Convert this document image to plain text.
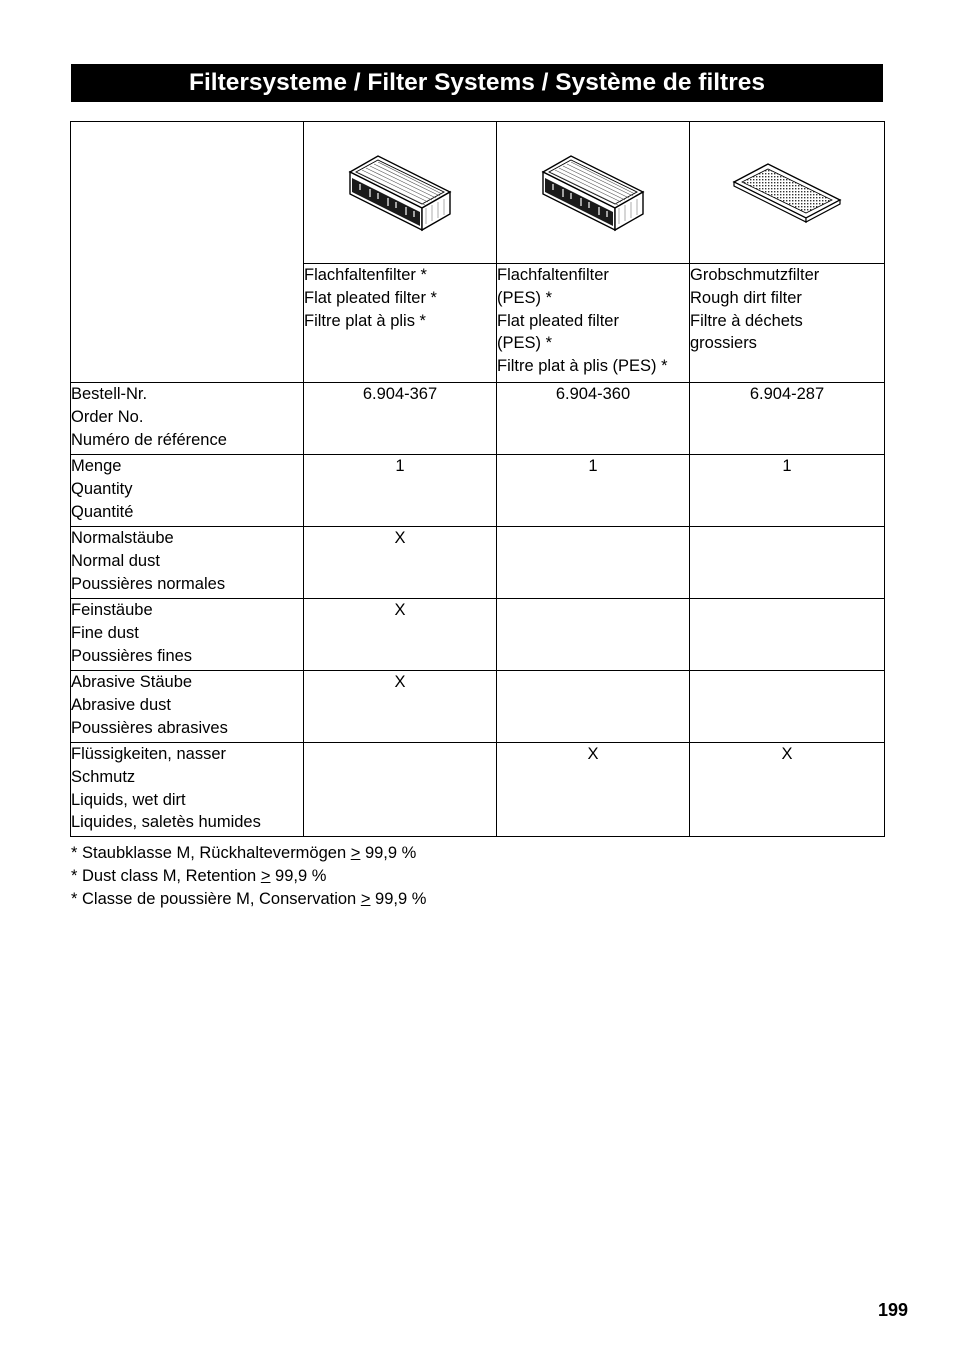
Filtersysteme / Filter Systems / Système de filtres

	Flachfaltenfilter *
Flat pleated filter *
Filtre plat à plis *	Flachfaltenfilter
(PES) *
Flat pleated filter
(PES) *
Filtre plat à plis (PES) *	Grobschmutzfilter
Rough dirt filter
Filtre à déchets
grossiers

Bestell-Nr.
Order No.
Numéro de référence	6.904-367	6.904-360	6.904-287

Menge
Quantity
Quantité	1	1	1

Normalstäube
Normal dust
Poussières normales	X		

Feinstäube
Fine dust
Poussières fines	X		

Abrasive Stäube
Abrasive dust
Poussières abrasives	X		

Flüssigkeiten, nasser
Schmutz
Liquids, wet dirt
Liquides, saletès humides		X	X
* Staubklasse M, Rückhaltevermögen ≥ 99,9 %
* Dust class M, Retention ≥ 99,9 %
* Classe de poussière M, Conservation ≥ 99,9 %
199
